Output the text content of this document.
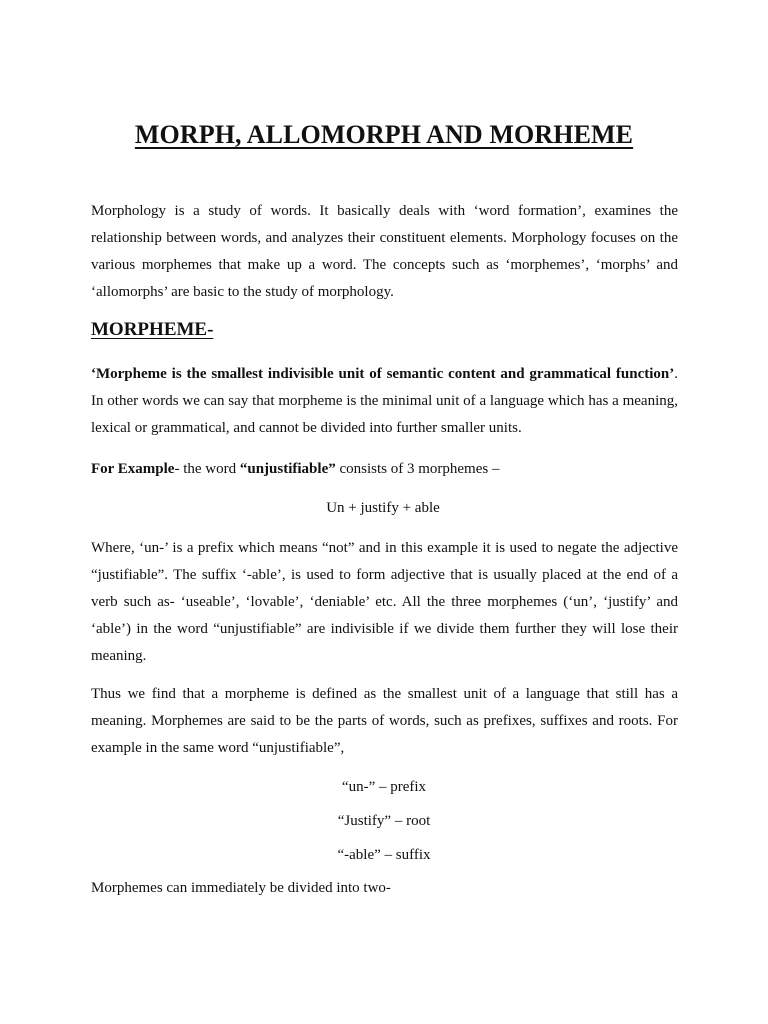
MORPH, ALLOMORPH AND MORHEME

Morphology is a study of words. It basically deals with ‘word formation’, examines the relationship between words, and analyzes their constituent elements. Morphology focuses on the various morphemes that make up a word. The concepts such as ‘morphemes’, ‘morphs’ and ‘allomorphs’ are basic to the study of morphology.

MORPHEME-

‘Morpheme is the smallest indivisible unit of semantic content and grammatical function’. In other words we can say that morpheme is the minimal unit of a language which has a meaning, lexical or grammatical, and cannot be divided into further smaller units.

For Example- the word “unjustifiable” consists of 3 morphemes –

Un + justify + able

Where, ‘un-’ is a prefix which means “not” and in this example it is used to negate the adjective “justifiable”. The suffix ‘-able’, is used to form adjective that is usually placed at the end of a verb such as- ‘useable’, ‘lovable’, ‘deniable’ etc. All the three morphemes (‘un’, ‘justify’ and ‘able’) in the word “unjustifiable” are indivisible if we divide them further they will lose their meaning.

Thus we find that a morpheme is defined as the smallest unit of a language that still has a meaning. Morphemes are said to be the parts of words, such as prefixes, suffixes and roots. For example in the same word “unjustifiable”,

“un-” – prefix

“Justify” – root

“-able” – suffix

Morphemes can immediately be divided into two-
